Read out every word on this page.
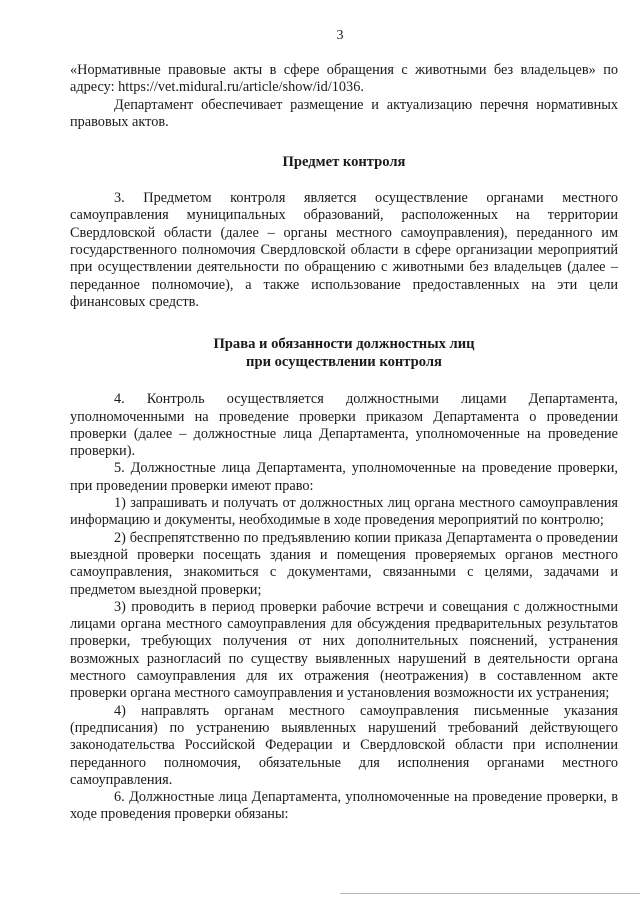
3

«Нормативные правовые акты в сфере обращения с животными без владельцев» по адресу: https://vet.midural.ru/article/show/id/1036.

Департамент обеспечивает размещение и актуализацию перечня нормативных правовых актов.

Предмет контроля

3. Предметом контроля является осуществление органами местного самоуправления муниципальных образований, расположенных на территории Свердловской области (далее – органы местного самоуправления), переданного им государственного полномочия Свердловской области в сфере организации мероприятий при осуществлении деятельности по обращению с животными без владельцев (далее – переданное полномочие), а также использование предоставленных на эти цели финансовых средств.

Права и обязанности должностных лиц
при осуществлении контроля

4. Контроль осуществляется должностными лицами Департамента, уполномоченными на проведение проверки приказом Департамента о проведении проверки (далее – должностные лица Департамента, уполномоченные на проведение проверки).

5. Должностные лица Департамента, уполномоченные на проведение проверки, при проведении проверки имеют право:

1) запрашивать и получать от должностных лиц органа местного самоуправления информацию и документы, необходимые в ходе проведения мероприятий по контролю;

2) беспрепятственно по предъявлению копии приказа Департамента о проведении выездной проверки посещать здания и помещения проверяемых органов местного самоуправления, знакомиться с документами, связанными с целями, задачами и предметом выездной проверки;

3) проводить в период проверки рабочие встречи и совещания с должностными лицами органа местного самоуправления для обсуждения предварительных результатов проверки, требующих получения от них дополнительных пояснений, устранения возможных разногласий по существу выявленных нарушений в деятельности органа местного самоуправления для их отражения (неотражения) в составленном акте проверки органа местного самоуправления и установления возможности их устранения;

4) направлять органам местного самоуправления письменные указания (предписания) по устранению выявленных нарушений требований действующего законодательства Российской Федерации и Свердловской области при исполнении переданного полномочия, обязательные для исполнения органами местного самоуправления.

6. Должностные лица Департамента, уполномоченные на проведение проверки, в ходе проведения проверки обязаны:
